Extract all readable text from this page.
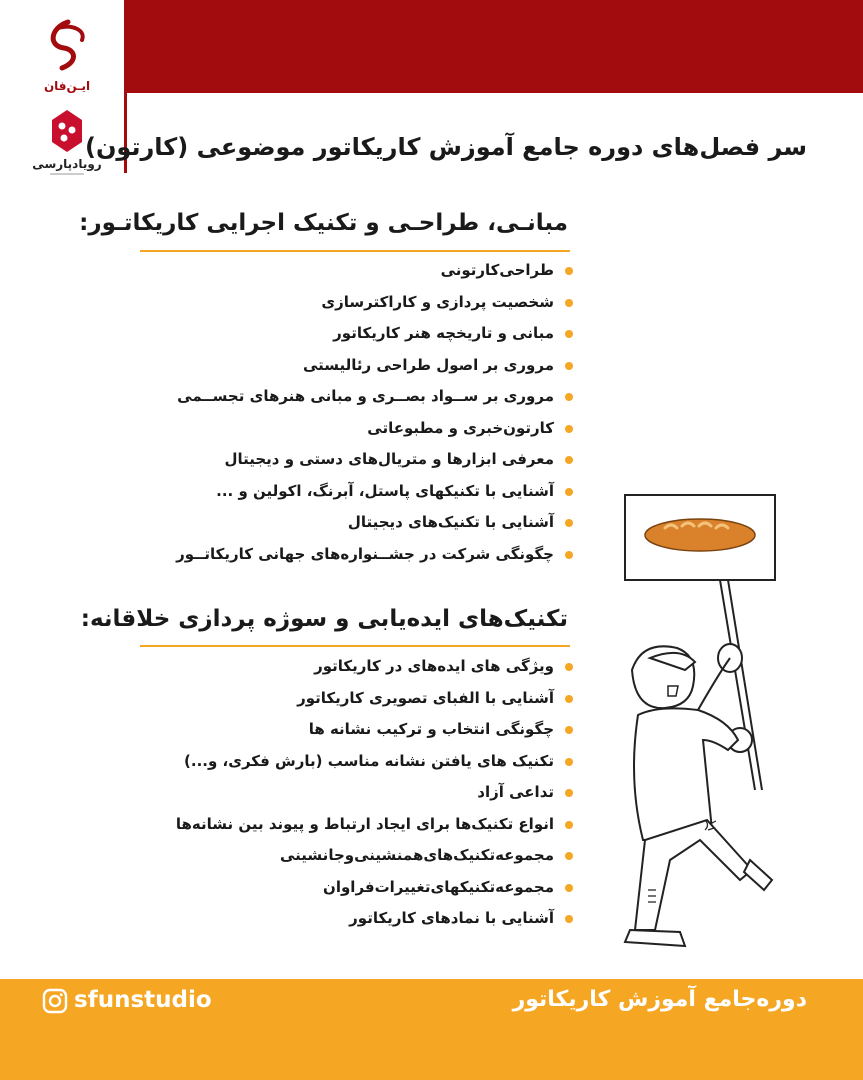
ايـن‌فان
رویاد‌پارسی
سر فصل‌های دوره جامع آموزش کاریکاتور موضوعی (کارتون)
مبانـی، طراحـی و تکنیک اجرایی کاریکاتـور:
طراحی‌کارتونی
شخصیت پردازی و کاراکترسازی
مبانی و تاریخچه هنر کاریکاتور
مروری بر اصول طراحی رئالیستی
مروری بر ســواد بصــری و مبانی هنرهای تجســمی
کارتون‌خبری و مطبوعاتی
معرفی ابزارها و متریال‌های دستی و دیجیتال
آشنایی با تکنیکهای پاستل، آبرنگ، اکولین و ...
آشنایی با تکنیک‌های دیجیتال
چگونگی شرکت در جشــنواره‌های جهانی کاریکاتــور
تکنیک‌های ایده‌یابی و سوژه پردازی خلاقانه:
ویژگی های ایده‌های در کاریکاتور
آشنایی با الفبای تصویری کاریکاتور
چگونگی انتخاب و ترکیب نشانه ها
تکنیک های یافتن نشانه مناسب (بارش فکری، و...)
تداعی آزاد
انواع تکنیک‌ها برای ایجاد ارتباط و پیوند بین نشانه‌ها
مجموعه‌تکنیک‌های‌همنشینی‌وجانشینی
مجموعه‌تکنیکهای‌تغییرات‌فراوان
آشنایی با نمادهای کاریکاتور
sfunstudio	دوره‌جامع آموزش کاریکاتور
